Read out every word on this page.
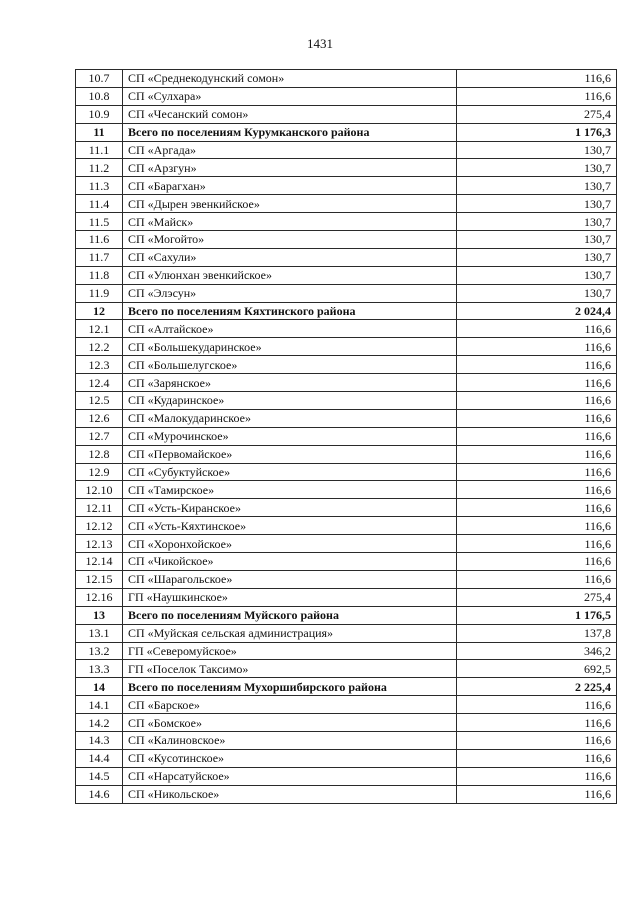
1431
10.7	СП «Среднекодунский сомон»	116,6
10.8	СП «Сулхара»	116,6
10.9	СП «Чесанский сомон»	275,4
11	Всего по поселениям Курумканского района	1 176,3
11.1	СП «Аргада»	130,7
11.2	СП «Арзгун»	130,7
11.3	СП «Барагхан»	130,7
11.4	СП «Дырен эвенкийское»	130,7
11.5	СП «Майск»	130,7
11.6	СП «Могойто»	130,7
11.7	СП «Сахули»	130,7
11.8	СП «Улюнхан эвенкийское»	130,7
11.9	СП «Элэсун»	130,7
12	Всего по поселениям Кяхтинского района	2 024,4
12.1	СП «Алтайское»	116,6
12.2	СП «Большекударинское»	116,6
12.3	СП «Большелугское»	116,6
12.4	СП «Зарянское»	116,6
12.5	СП «Кударинское»	116,6
12.6	СП «Малокударинское»	116,6
12.7	СП «Мурочинское»	116,6
12.8	СП «Первомайское»	116,6
12.9	СП «Субуктуйское»	116,6
12.10	СП «Тамирское»	116,6
12.11	СП «Усть-Киранское»	116,6
12.12	СП «Усть-Кяхтинское»	116,6
12.13	СП «Хоронхойское»	116,6
12.14	СП «Чикойское»	116,6
12.15	СП «Шарагольское»	116,6
12.16	ГП «Наушкинское»	275,4
13	Всего по поселениям Муйского района	1 176,5
13.1	СП «Муйская сельская администрация»	137,8
13.2	ГП «Северомуйское»	346,2
13.3	ГП «Поселок Таксимо»	692,5
14	Всего по поселениям Мухоршибирского района	2 225,4
14.1	СП «Барское»	116,6
14.2	СП «Бомское»	116,6
14.3	СП «Калиновское»	116,6
14.4	СП «Кусотинское»	116,6
14.5	СП «Нарсатуйское»	116,6
14.6	СП «Никольское»	116,6
